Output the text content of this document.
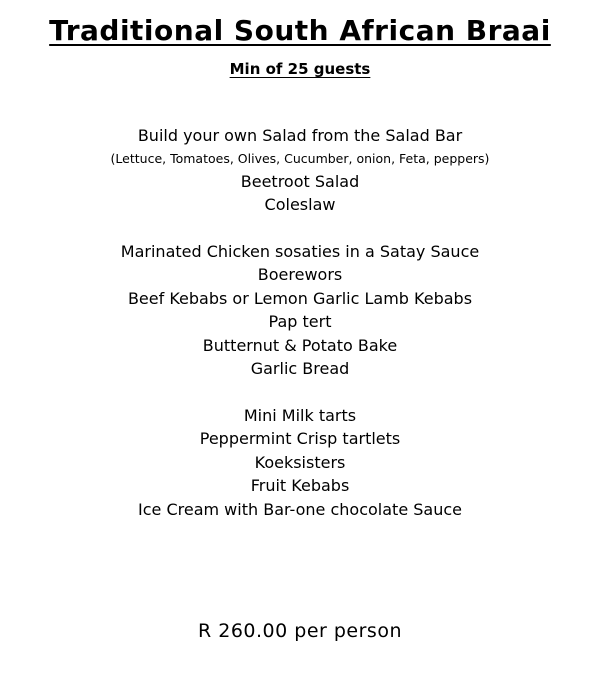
Traditional South African Braai
Min of 25 guests
Build your own Salad from the Salad Bar
(Lettuce, Tomatoes, Olives, Cucumber, onion, Feta, peppers)
Beetroot Salad
Coleslaw
Marinated Chicken sosaties in a Satay Sauce
Boerewors
Beef Kebabs or Lemon Garlic Lamb Kebabs
Pap tert
Butternut & Potato Bake
Garlic Bread
Mini Milk tarts
Peppermint Crisp tartlets
Koeksisters
Fruit Kebabs
Ice Cream with Bar-one chocolate Sauce
R 260.00 per person
